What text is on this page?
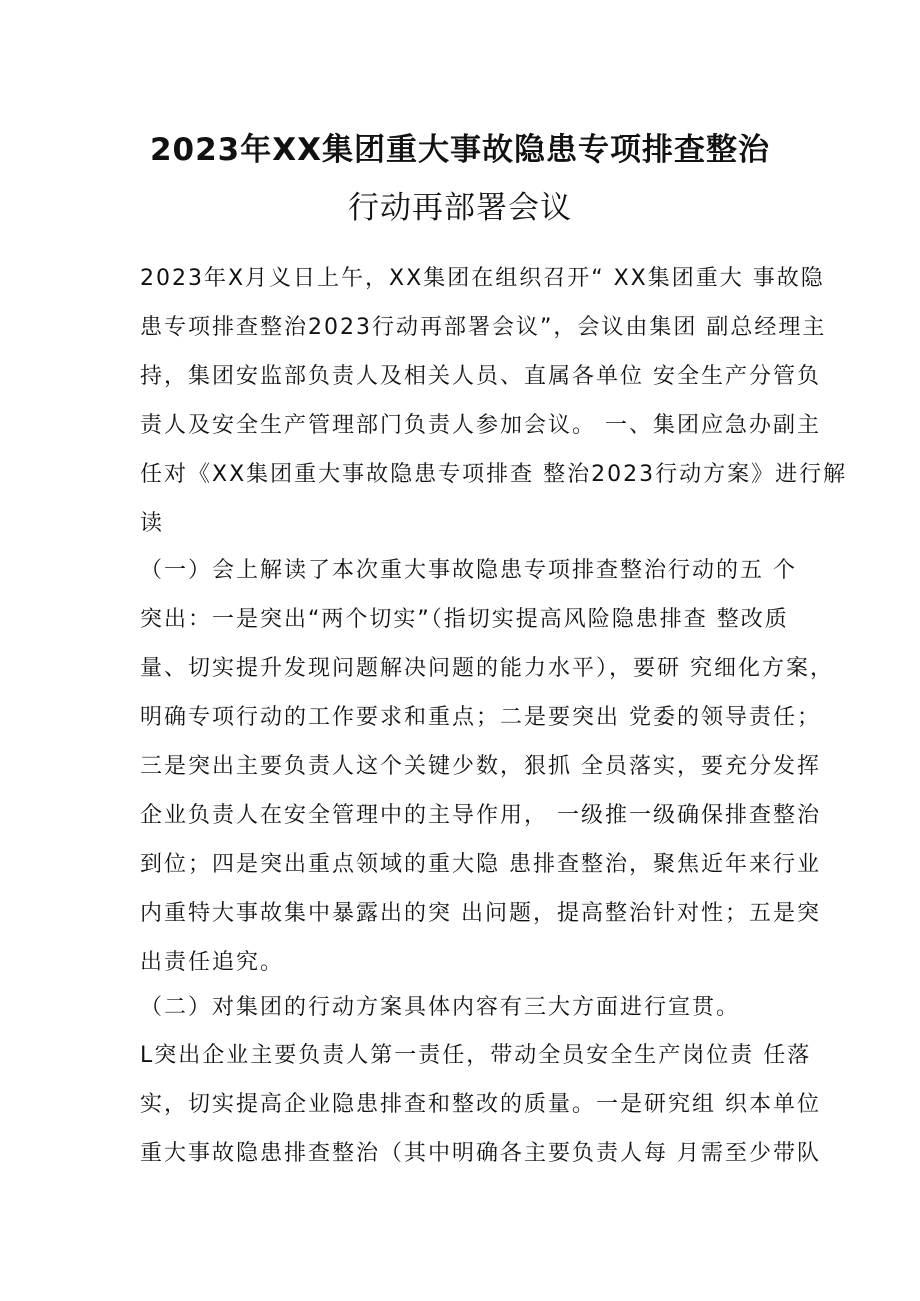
2023年XX集团重大事故隐患专项排查整治
行动再部署会议
2023年X月义日上午，XX集团在组织召开“ XX集团重大 事故隐
患专项排查整治2023行动再部署会议”，会议由集团 副总经理主
持，集团安监部负责人及相关人员、直属各单位 安全生产分管负
责人及安全生产管理部门负责人参加会议。 一、集团应急办副主
任对《XX集团重大事故隐患专项排查 整治2023行动方案》进行解
读
（一）会上解读了本次重大事故隐患专项排查整治行动的五 个
突出：一是突出“两个切实”（指切实提高风险隐患排查 整改质
量、切实提升发现问题解决问题的能力水平），要研 究细化方案，
明确专项行动的工作要求和重点；二是要突出 党委的领导责任；
三是突出主要负责人这个关键少数，狠抓 全员落实，要充分发挥
企业负责人在安全管理中的主导作用， 一级推一级确保排查整治
到位；四是突出重点领域的重大隐 患排查整治，聚焦近年来行业
内重特大事故集中暴露出的突 出问题，提高整治针对性；五是突
出责任追究。
（二）对集团的行动方案具体内容有三大方面进行宣贯。
L突出企业主要负责人第一责任，带动全员安全生产岗位责 任落
实，切实提高企业隐患排查和整改的质量。一是研究组 织本单位
重大事故隐患排查整治（其中明确各主要负责人每 月需至少带队
